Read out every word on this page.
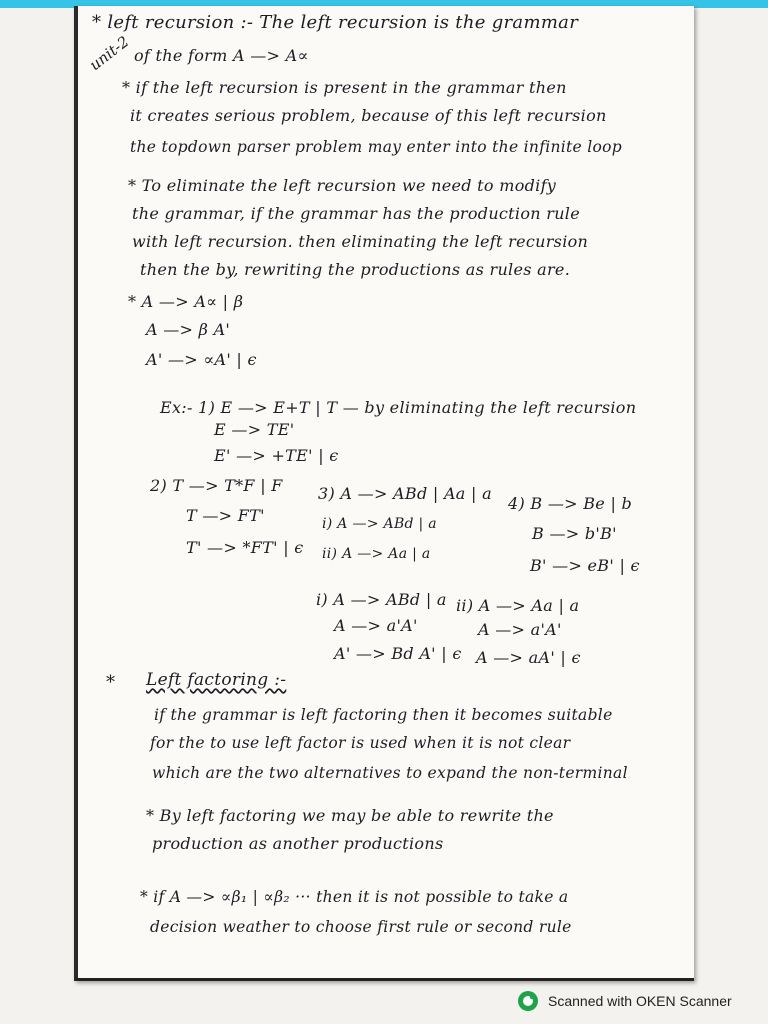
unit-2
* left recursion :- The left recursion is the grammar
of the form A —> A∝
* if the left recursion is present in the grammar then
it creates serious problem, because of this left recursion
the topdown parser problem may enter into the infinite loop
* To eliminate the left recursion we need to modify
the grammar, if the grammar has the production rule
with left recursion. then eliminating the left recursion
then the by, rewriting the productions as rules are.
* A —> A∝ | β
A —> β A'
A' —> ∝A' | ϵ
Ex:- 1) E —> E+T | T — by eliminating the left recursion
E —> TE'
E' —> +TE' | ϵ
2) T —> T*F | F 3) A —> ABd | Aa | a
4) B —> Be | b
T —> FT'	i) A —> ABd | a	B —> b'B'
T' —> *FT' | ϵ ii) A —> Aa | a
B' —> eB' | ϵ
i) A —> ABd | a ii) A —> Aa | a
A —> a'A'	A —> a'A'
A' —> Bd A' | ϵ A —> aA' | ϵ
* Left factoring :-
if the grammar is left factoring then it becomes suitable
for the to use left factor is used when it is not clear
which are the two alternatives to expand the non-terminal
* By left factoring we may be able to rewrite the
production as another productions
* if A —> ∝β₁ | ∝β₂ ··· then it is not possible to take a
decision weather to choose first rule or second rule
Scanned with OKEN Scanner
